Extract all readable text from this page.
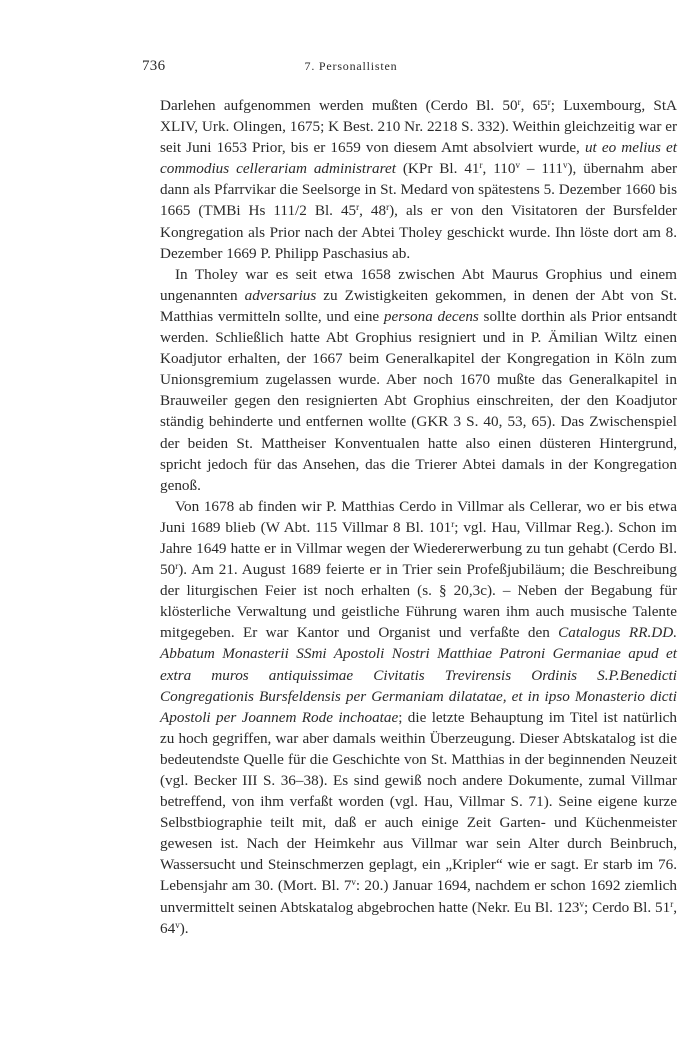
736	7. Personallisten

Darlehen aufgenommen werden mußten (Cerdo Bl. 50$^r$, 65$^r$; Luxembourg, StA XLIV, Urk. Olingen, 1675; K Best. 210 Nr. 2218 S. 332). Weithin gleichzeitig war er seit Juni 1653 Prior, bis er 1659 von diesem Amt absolviert wurde, ut eo melius et commodius cellerariam administraret (KPr Bl. 41$^r$, 110$^v$ – 111$^v$), übernahm aber dann als Pfarrvikar die Seelsorge in St. Medard von spätestens 5. Dezember 1660 bis 1665 (TMBi Hs 111/2 Bl. 45$^r$, 48$^r$), als er von den Visitatoren der Bursfelder Kongregation als Prior nach der Abtei Tholey geschickt wurde. Ihn löste dort am 8. Dezember 1669 P. Philipp Paschasius ab.

In Tholey war es seit etwa 1658 zwischen Abt Maurus Grophius und einem ungenannten adversarius zu Zwistigkeiten gekommen, in denen der Abt von St. Matthias vermitteln sollte, und eine persona decens sollte dorthin als Prior entsandt werden. Schließlich hatte Abt Grophius resigniert und in P. Ämilian Wiltz einen Koadjutor erhalten, der 1667 beim Generalkapitel der Kongregation in Köln zum Unionsgremium zugelassen wurde. Aber noch 1670 mußte das Generalkapitel in Brauweiler gegen den resignierten Abt Grophius einschreiten, der den Koadjutor ständig behinderte und entfernen wollte (GKR 3 S. 40, 53, 65). Das Zwischenspiel der beiden St. Mattheiser Konventualen hatte also einen düsteren Hintergrund, spricht jedoch für das Ansehen, das die Trierer Abtei damals in der Kongregation genoß.

Von 1678 ab finden wir P. Matthias Cerdo in Villmar als Cellerar, wo er bis etwa Juni 1689 blieb (W Abt. 115 Villmar 8 Bl. 101$^r$; vgl. Hau, Villmar Reg.). Schon im Jahre 1649 hatte er in Villmar wegen der Wiedererwerbung zu tun gehabt (Cerdo Bl. 50$^r$). Am 21. August 1689 feierte er in Trier sein Profeßjubiläum; die Beschreibung der liturgischen Feier ist noch erhalten (s. § 20,3c). – Neben der Begabung für klösterliche Verwaltung und geistliche Führung waren ihm auch musische Talente mitgegeben. Er war Kantor und Organist und verfaßte den Catalogus RR.DD. Abbatum Monasterii SSmi Apostoli Nostri Matthiae Patroni Germaniae apud et extra muros antiquissimae Civitatis Trevirensis Ordinis S.P.Benedicti Congregationis Bursfeldensis per Germaniam dilatatae, et in ipso Monasterio dicti Apostoli per Joannem Rode inchoatae; die letzte Behauptung im Titel ist natürlich zu hoch gegriffen, war aber damals weithin Überzeugung. Dieser Abtskatalog ist die bedeutendste Quelle für die Geschichte von St. Matthias in der beginnenden Neuzeit (vgl. Becker III S. 36–38). Es sind gewiß noch andere Dokumente, zumal Villmar betreffend, von ihm verfaßt worden (vgl. Hau, Villmar S. 71). Seine eigene kurze Selbstbiographie teilt mit, daß er auch einige Zeit Garten- und Küchenmeister gewesen ist. Nach der Heimkehr aus Villmar war sein Alter durch Beinbruch, Wassersucht und Steinschmerzen geplagt, ein „Kripler“ wie er sagt. Er starb im 76. Lebensjahr am 30. (Mort. Bl. 7$^v$: 20.) Januar 1694, nachdem er schon 1692 ziemlich unvermittelt seinen Abtskatalog abgebrochen hatte (Nekr. Eu Bl. 123$^v$; Cerdo Bl. 51$^r$, 64$^v$).
